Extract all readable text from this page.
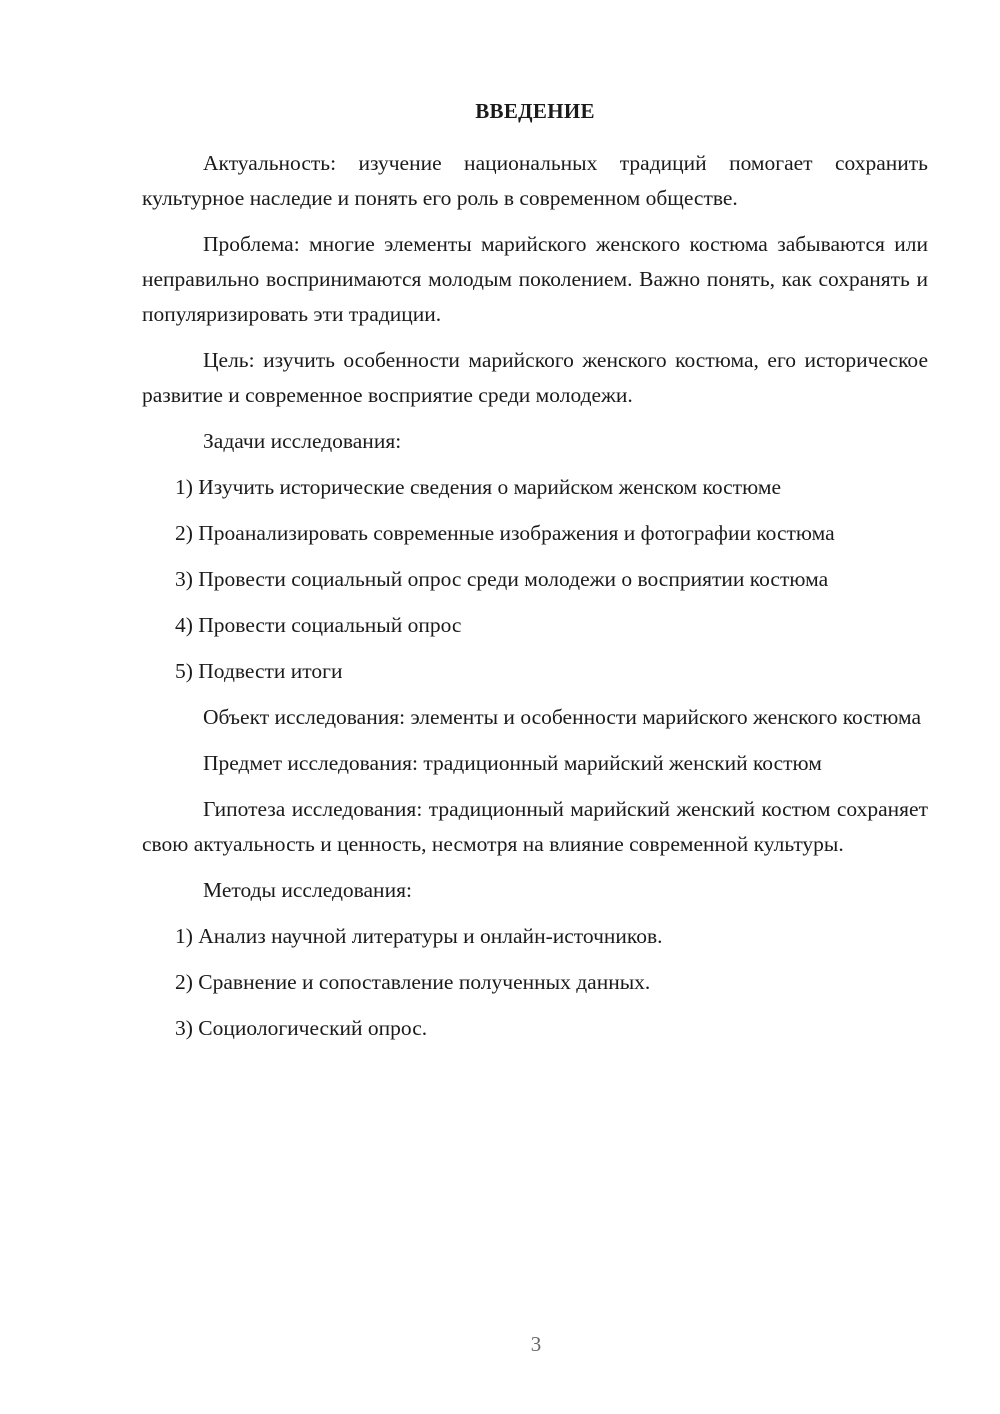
ВВЕДЕНИЕ

Актуальность: изучение национальных традиций помогает сохранить культурное наследие и понять его роль в современном обществе.

Проблема: многие элементы марийского женского костюма забываются или неправильно воспринимаются молодым поколением. Важно понять, как сохранять и популяризировать эти традиции.

Цель: изучить особенности марийского женского костюма, его историческое развитие и современное восприятие среди молодежи.

Задачи исследования:

1) Изучить исторические сведения о марийском женском костюме

2) Проанализировать современные изображения и фотографии костюма

3) Провести социальный опрос среди молодежи о восприятии костюма

4) Провести социальный опрос

5) Подвести итоги

Объект исследования: элементы и особенности марийского женского костюма

Предмет исследования: традиционный марийский женский костюм

Гипотеза исследования: традиционный марийский женский костюм сохраняет свою актуальность и ценность, несмотря на влияние современной культуры.

Методы исследования:

1) Анализ научной литературы и онлайн-источников.

2) Сравнение и сопоставление полученных данных.

3) Социологический опрос.

3
